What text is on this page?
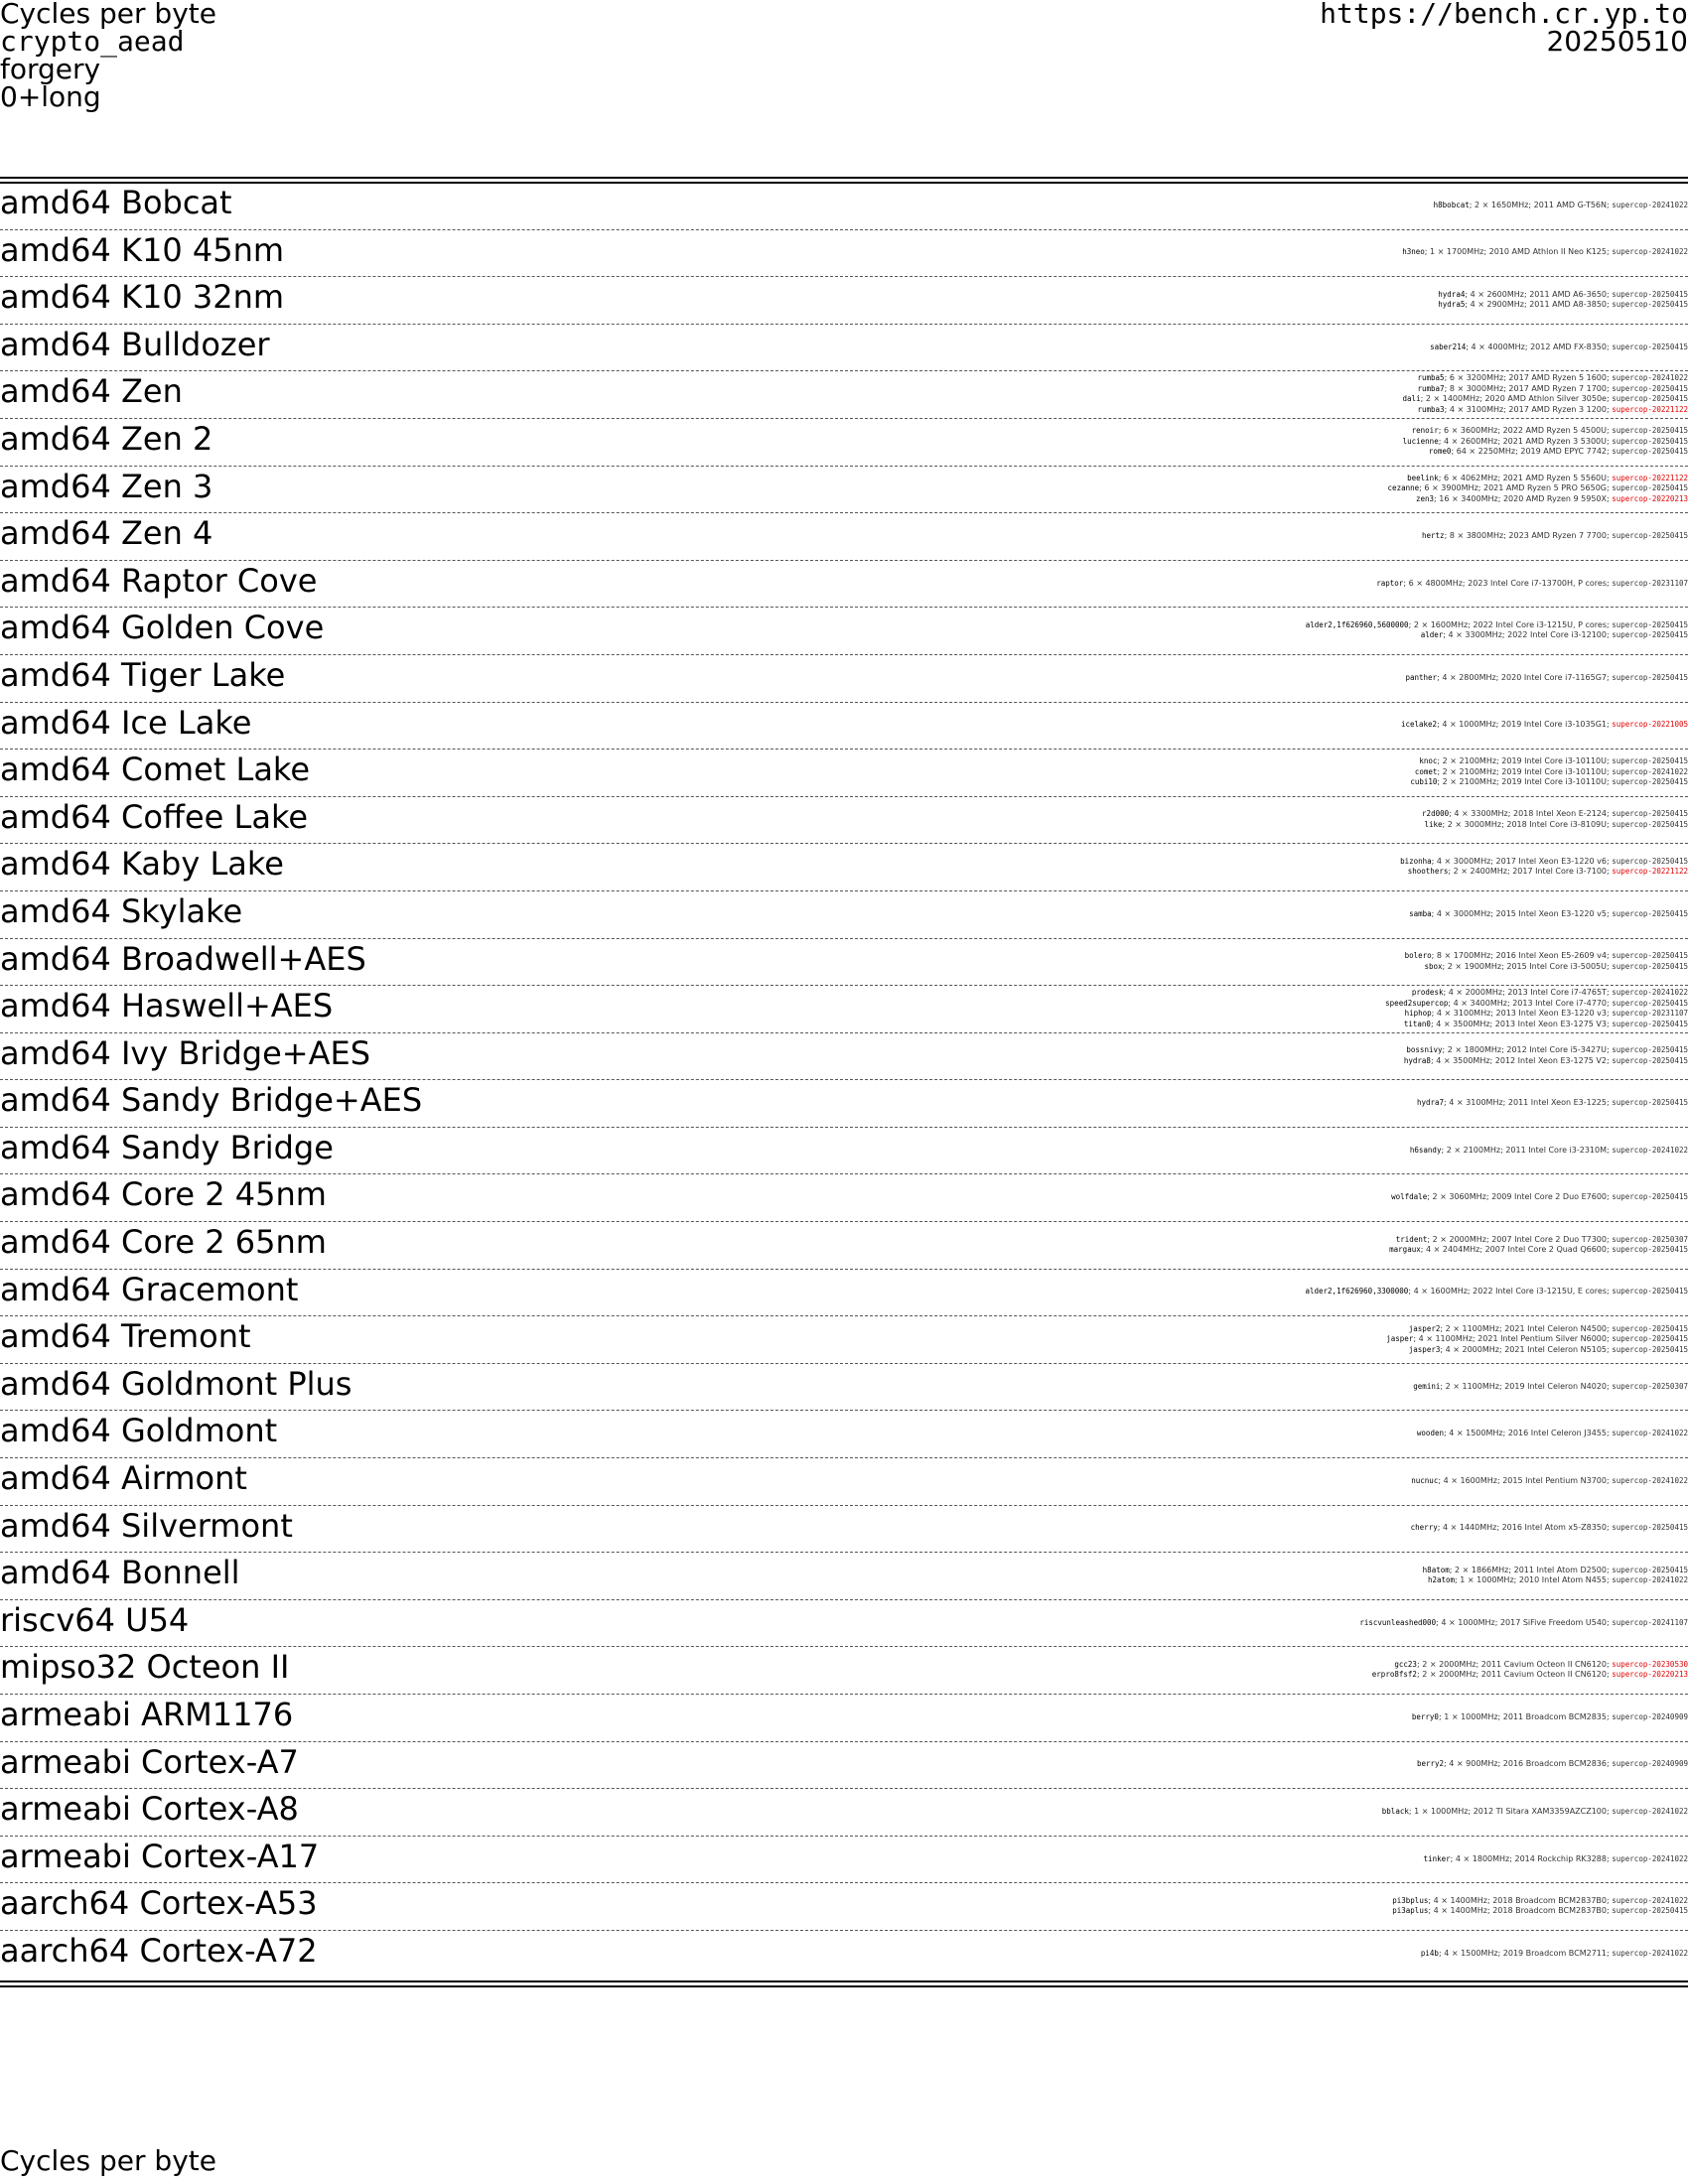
Cycles per byte
crypto_aead
forgery
0+long
https://bench.cr.yp.to
20250510
amd64 Bobcat	h8bobcat; 2 × 1650MHz; 2011 AMD G-T56N; supercop-20241022
amd64 K10 45nm	h3neo; 1 × 1700MHz; 2010 AMD Athlon II Neo K125; supercop-20241022
amd64 K10 32nm	hydra4; 4 × 2600MHz; 2011 AMD A6-3650; supercop-20250415
hydra5; 4 × 2900MHz; 2011 AMD A8-3850; supercop-20250415
amd64 Bulldozer	saber214; 4 × 4000MHz; 2012 AMD FX-8350; supercop-20250415
amd64 Zen	rumba5; 6 × 3200MHz; 2017 AMD Ryzen 5 1600; supercop-20241022
rumba7; 8 × 3000MHz; 2017 AMD Ryzen 7 1700; supercop-20250415
dali; 2 × 1400MHz; 2020 AMD Athlon Silver 3050e; supercop-20250415
rumba3; 4 × 3100MHz; 2017 AMD Ryzen 3 1200; supercop-20221122
amd64 Zen 2	renoir; 6 × 3600MHz; 2022 AMD Ryzen 5 4500U; supercop-20250415
lucienne; 4 × 2600MHz; 2021 AMD Ryzen 3 5300U; supercop-20250415
rome0; 64 × 2250MHz; 2019 AMD EPYC 7742; supercop-20250415
amd64 Zen 3	beelink; 6 × 4062MHz; 2021 AMD Ryzen 5 5560U; supercop-20221122
cezanne; 6 × 3900MHz; 2021 AMD Ryzen 5 PRO 5650G; supercop-20250415
zen3; 16 × 3400MHz; 2020 AMD Ryzen 9 5950X; supercop-20220213
amd64 Zen 4	hertz; 8 × 3800MHz; 2023 AMD Ryzen 7 7700; supercop-20250415
amd64 Raptor Cove	raptor; 6 × 4800MHz; 2023 Intel Core i7-13700H, P cores; supercop-20231107
amd64 Golden Cove	alder2,1f626960,5600000; 2 × 1600MHz; 2022 Intel Core i3-1215U, P cores; supercop-20250415
alder; 4 × 3300MHz; 2022 Intel Core i3-12100; supercop-20250415
amd64 Tiger Lake	panther; 4 × 2800MHz; 2020 Intel Core i7-1165G7; supercop-20250415
amd64 Ice Lake	icelake2; 4 × 1000MHz; 2019 Intel Core i3-1035G1; supercop-20221005
amd64 Comet Lake	knoc; 2 × 2100MHz; 2019 Intel Core i3-10110U; supercop-20250415
comet; 2 × 2100MHz; 2019 Intel Core i3-10110U; supercop-20241022
cubi10; 2 × 2100MHz; 2019 Intel Core i3-10110U; supercop-20250415
amd64 Coffee Lake	r2d000; 4 × 3300MHz; 2018 Intel Xeon E-2124; supercop-20250415
like; 2 × 3000MHz; 2018 Intel Core i3-8109U; supercop-20250415
amd64 Kaby Lake	bizonha; 4 × 3000MHz; 2017 Intel Xeon E3-1220 v6; supercop-20250415
shoothers; 2 × 2400MHz; 2017 Intel Core i3-7100; supercop-20221122
amd64 Skylake	samba; 4 × 3000MHz; 2015 Intel Xeon E3-1220 v5; supercop-20250415
amd64 Broadwell+AES	bolero; 8 × 1700MHz; 2016 Intel Xeon E5-2609 v4; supercop-20250415
sbox; 2 × 1900MHz; 2015 Intel Core i3-5005U; supercop-20250415
amd64 Haswell+AES	prodesk; 4 × 2000MHz; 2013 Intel Core i7-4765T; supercop-20241022
speed2supercop; 4 × 3400MHz; 2013 Intel Core i7-4770; supercop-20250415
hiphop; 4 × 3100MHz; 2013 Intel Xeon E3-1220 v3; supercop-20231107
titan0; 4 × 3500MHz; 2013 Intel Xeon E3-1275 V3; supercop-20250415
amd64 Ivy Bridge+AES	bossnivy; 2 × 1800MHz; 2012 Intel Core i5-3427U; supercop-20250415
hydra8; 4 × 3500MHz; 2012 Intel Xeon E3-1275 V2; supercop-20250415
amd64 Sandy Bridge+AES	hydra7; 4 × 3100MHz; 2011 Intel Xeon E3-1225; supercop-20250415
amd64 Sandy Bridge	h6sandy; 2 × 2100MHz; 2011 Intel Core i3-2310M; supercop-20241022
amd64 Core 2 45nm	wolfdale; 2 × 3060MHz; 2009 Intel Core 2 Duo E7600; supercop-20250415
amd64 Core 2 65nm	trident; 2 × 2000MHz; 2007 Intel Core 2 Duo T7300; supercop-20250307
margaux; 4 × 2404MHz; 2007 Intel Core 2 Quad Q6600; supercop-20250415
amd64 Gracemont	alder2,1f626960,3300000; 4 × 1600MHz; 2022 Intel Core i3-1215U, E cores; supercop-20250415
amd64 Tremont	jasper2; 2 × 1100MHz; 2021 Intel Celeron N4500; supercop-20250415
jasper; 4 × 1100MHz; 2021 Intel Pentium Silver N6000; supercop-20250415
jasper3; 4 × 2000MHz; 2021 Intel Celeron N5105; supercop-20250415
amd64 Goldmont Plus	gemini; 2 × 1100MHz; 2019 Intel Celeron N4020; supercop-20250307
amd64 Goldmont	wooden; 4 × 1500MHz; 2016 Intel Celeron J3455; supercop-20241022
amd64 Airmont	nucnuc; 4 × 1600MHz; 2015 Intel Pentium N3700; supercop-20241022
amd64 Silvermont	cherry; 4 × 1440MHz; 2016 Intel Atom x5-Z8350; supercop-20250415
amd64 Bonnell	h8atom; 2 × 1866MHz; 2011 Intel Atom D2500; supercop-20250415
h2atom; 1 × 1000MHz; 2010 Intel Atom N455; supercop-20241022
riscv64 U54	riscvunleashed000; 4 × 1000MHz; 2017 SiFive Freedom U540; supercop-20241107
mipso32 Octeon II	gcc23; 2 × 2000MHz; 2011 Cavium Octeon II CN6120; supercop-20230530
erpro8fsf2; 2 × 2000MHz; 2011 Cavium Octeon II CN6120; supercop-20220213
armeabi ARM1176	berry0; 1 × 1000MHz; 2011 Broadcom BCM2835; supercop-20240909
armeabi Cortex-A7	berry2; 4 × 900MHz; 2016 Broadcom BCM2836; supercop-20240909
armeabi Cortex-A8	bblack; 1 × 1000MHz; 2012 TI Sitara XAM3359AZCZ100; supercop-20241022
armeabi Cortex-A17	tinker; 4 × 1800MHz; 2014 Rockchip RK3288; supercop-20241022
aarch64 Cortex-A53	pi3bplus; 4 × 1400MHz; 2018 Broadcom BCM2837B0; supercop-20241022
pi3aplus; 4 × 1400MHz; 2018 Broadcom BCM2837B0; supercop-20250415
aarch64 Cortex-A72	pi4b; 4 × 1500MHz; 2019 Broadcom BCM2711; supercop-20241022
Cycles per byte
